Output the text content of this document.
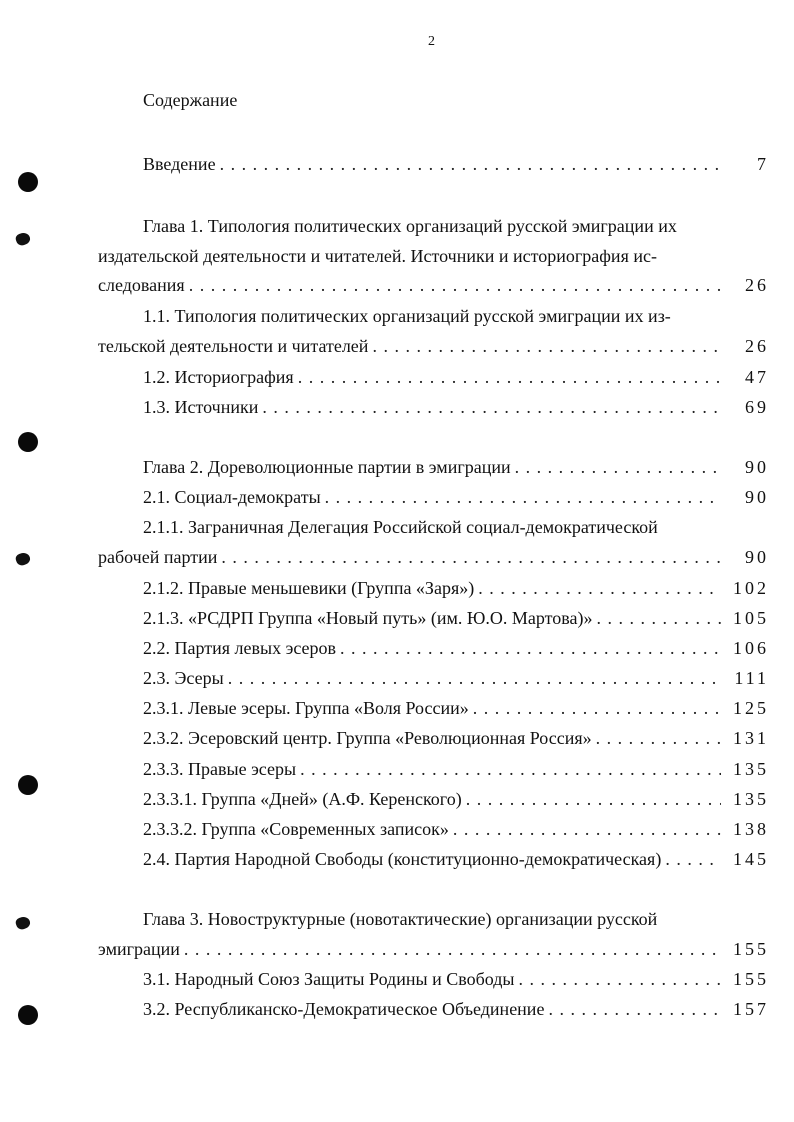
2
Содержание
Введение . . .	7
Глава 1. Типология политических организаций русской эмиграции их
издательской деятельности и читателей. Источники и историография ис-
следования . . .	26
1.1. Типология политических организаций русской эмиграции их из-
тельской деятельности и читателей . . .	26
1.2. Историография . . .	47
1.3. Источники . . .	69
Глава 2. Дореволюционные партии в эмиграции . . .	90
2.1. Социал-демократы . . .	90
2.1.1. Заграничная Делегация Российской социал-демократической
рабочей партии . . .	90
2.1.2. Правые меньшевики (Группа «Заря») . . .	102
2.1.3. «РСДРП Группа «Новый путь» (им. Ю.О. Мартова)» . . .	105
2.2. Партия левых эсеров . . .	106
2.3. Эсеры . . .	111
2.3.1. Левые эсеры. Группа «Воля России» . . .	125
2.3.2. Эсеровский центр. Группа «Революционная Россия» . . .	131
2.3.3. Правые эсеры . . .	135
2.3.3.1. Группа «Дней» (А.Ф. Керенского) . . .	135
2.3.3.2. Группа «Современных записок» . . .	138
2.4. Партия Народной Свободы (конституционно-демократическая) . . .	145
Глава 3. Новоструктурные (новотактические) организации русской
эмиграции . . .	155
3.1. Народный Союз Защиты Родины и Свободы . . .	155
3.2. Республиканско-Демократическое Объединение . . .	157
